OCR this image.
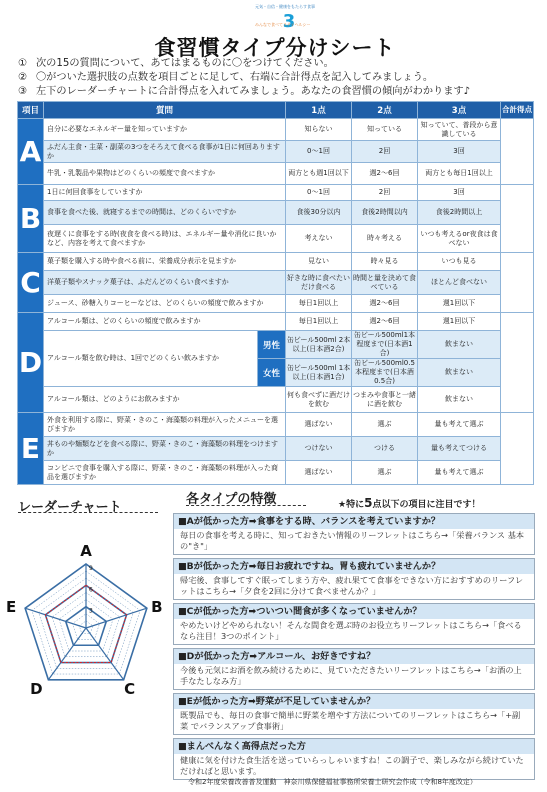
元気・自信・健康をもたらす食事
3
みんなで食べてステイヘルシー
食習慣タイプ分けシート
① 次の15の質問について、あてはまるものに〇をつけてください。
② 〇がついた選択肢の点数を項目ごとに足して、右端に合計得点を記入してみましょう。
③ 左下のレーダーチャートに合計得点を入れてみましょう。あなたの食習慣の傾向がわかります♪
項目	質問		1点	2点	3点	合計得点
A	自分に必要なエネルギー量を知っていますか		知らない	知っている	知っていて、普段から意識している	
	ふだん主食・主菜・副菜の3つをそろえて食べる食事が1日に何回ありますか		0～1回	2回	3回	
	牛乳・乳製品や果物はどのくらいの頻度で食べますか		両方とも週1回以下	週2～6回	両方とも毎日1回以上	
B	1日に何回食事をしていますか		0～1回	2回	3回	
	食事を食べた後、就寝するまでの時間は、どのくらいですか		食後30分以内	食後2時間以内	食後2時間以上	
	夜遅くに食事をする時(夜食を食べる時)は、エネルギー量や消化に良いかなど、内容を考えて食べますか		考えない	時々考える	いつも考えるor夜食は食べない	
C	菓子類を購入する時や食べる前に、栄養成分表示を見ますか		見ない	時々見る	いつも見る	
	洋菓子類やスナック菓子は、ふだんどのくらい食べますか		好きな時に食べたいだけ食べる	時間と量を決めて食べている	ほとんど食べない	
	ジュース、砂糖入りコーヒーなどは、どのくらいの頻度で飲みますか		毎日1回以上	週2～6回	週1回以下	
D	アルコール類は、どのくらいの頻度で飲みますか		毎日1回以上	週2～6回	週1回以下	
	アルコール類を飲む時は、1回でどのくらい飲みますか	男性	缶ビール500ml 2本以上(日本酒2合)	缶ビール500ml1本程度まで(日本酒1合)	飲まない	
		女性	缶ビール500ml 1本以上(日本酒1合)	缶ビール500ml0.5本程度まで(日本酒0.5合)	飲まない	
	アルコール類は、どのようにお飲みますか		何も食べずに酒だけを飲む	つまみや食事と一緒に酒を飲む	飲まない	
E	外食を利用する際に、野菜・きのこ・海藻類の料理が入ったメニューを選びますか		選ばない	選ぶ	量も考えて選ぶ	
	丼ものや麺類などを食べる際に、野菜・きのこ・海藻類の料理をつけますか		つけない	つける	量も考えてつける	
	コンビニで食事を購入する際に、野菜・きのこ・海藻類の料理が入った商品を選びますか		選ばない	選ぶ	量も考えて選ぶ	
レーダーチャート
各タイプの特徴	★特に5点以下の項目に注目です！
9
6
3
A
B
C
D
E
■Aが低かった方➡食事をする時、バランスを考えていますか？
毎日の食事を考える時に、知っておきたい情報のリーフレットはこちら→「栄養バランス 基本の"き"」
■Bが低かった方➡毎日お疲れですね。胃も疲れていませんか？
帰宅後、食事してすぐ眠ってしまう方や、疲れ果てて食事をできない方におすすめのリーフレットはこちら→「夕食を2回に分けて食べませんか？」
■Cが低かった方➡ついつい間食が多くなっていませんか？
やめたいけどやめられない！そんな間食を選ぶ時のお役立ちリーフレットはこちら→「食べるなら注目！3つのポイント」
■Dが低かった方➡アルコール、お好きですね？
今後も元気にお酒を飲み続けるために、見ていただきたいリーフレットはこちら→「お酒の上手なたしなみ方」
■Eが低かった方➡野菜が不足していませんか？
既製品でも、毎日の食事で簡単に野菜を増やす方法についてのリーフレットはこちら→「+副菜 でバランスアップ食事術」
■まんべんなく高得点だった方
健康に気を付けた食生活を送っていらっしゃいますね！この調子で、楽しみながら続けていただければと思います。
令和2年度栄養改善普及運動　神奈川県保健福祉事務所栄養士研究会作成（令和8年度改定）
